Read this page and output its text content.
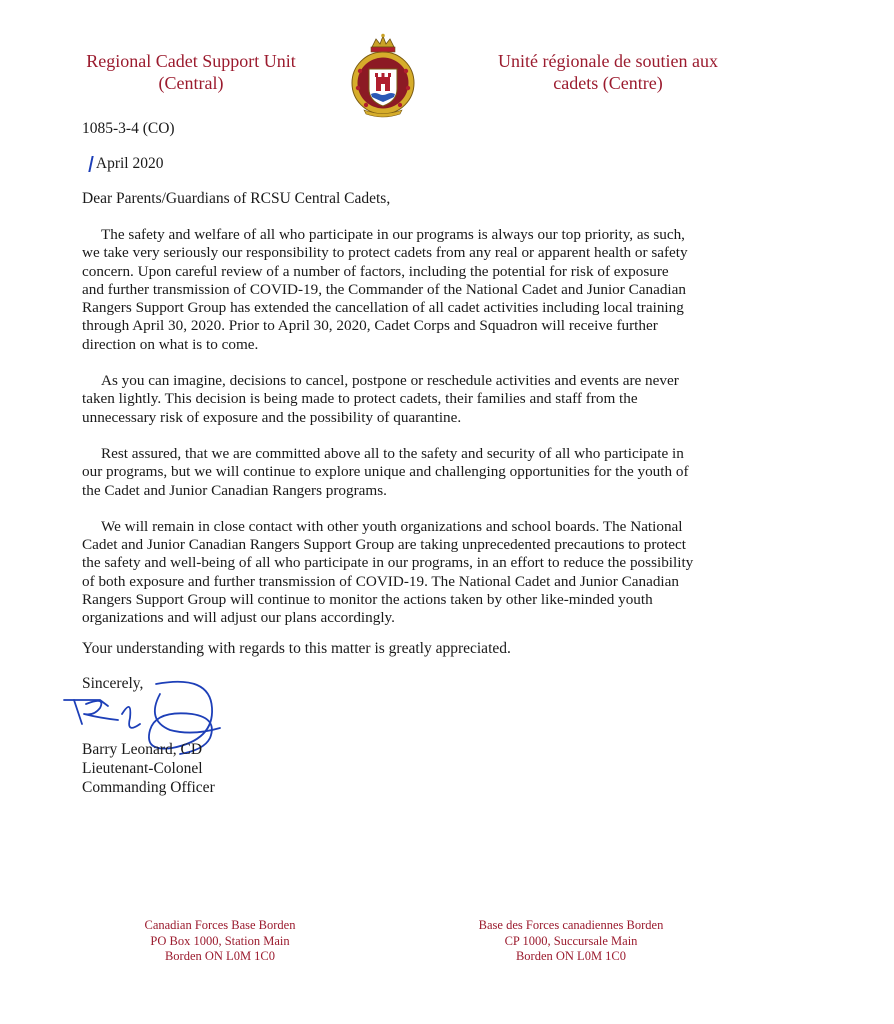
Regional Cadet Support Unit
(Central)
Unité régionale de soutien aux
cadets (Centre)
1085-3-4 (CO)
April 2020
Dear Parents/Guardians of RCSU Central Cadets,

The safety and welfare of all who participate in our programs is always our top priority, as such, we take very seriously our responsibility to protect cadets from any real or apparent health or safety concern. Upon careful review of a number of factors, including the potential for risk of exposure and further transmission of COVID-19, the Commander of the National Cadet and Junior Canadian Rangers Support Group has extended the cancellation of all cadet activities including local training through April 30, 2020. Prior to April 30, 2020, Cadet Corps and Squadron will receive further direction on what is to come.

As you can imagine, decisions to cancel, postpone or reschedule activities and events are never taken lightly. This decision is being made to protect cadets, their families and staff from the unnecessary risk of exposure and the possibility of quarantine.

Rest assured, that we are committed above all to the safety and security of all who participate in our programs, but we will continue to explore unique and challenging opportunities for the youth of the Cadet and Junior Canadian Rangers programs.

We will remain in close contact with other youth organizations and school boards. The National Cadet and Junior Canadian Rangers Support Group are taking unprecedented precautions to protect the safety and well-being of all who participate in our programs, in an effort to reduce the possibility of both exposure and further transmission of COVID-19. The National Cadet and Junior Canadian Rangers Support Group will continue to monitor the actions taken by other like-minded youth organizations and will adjust our plans accordingly.

Your understanding with regards to this matter is greatly appreciated.
Sincerely,
Barry Leonard, CD
Lieutenant-Colonel
Commanding Officer
Canadian Forces Base Borden
PO Box 1000, Station Main
Borden ON L0M 1C0
Base des Forces canadiennes Borden
CP 1000, Succursale Main
Borden ON L0M 1C0
